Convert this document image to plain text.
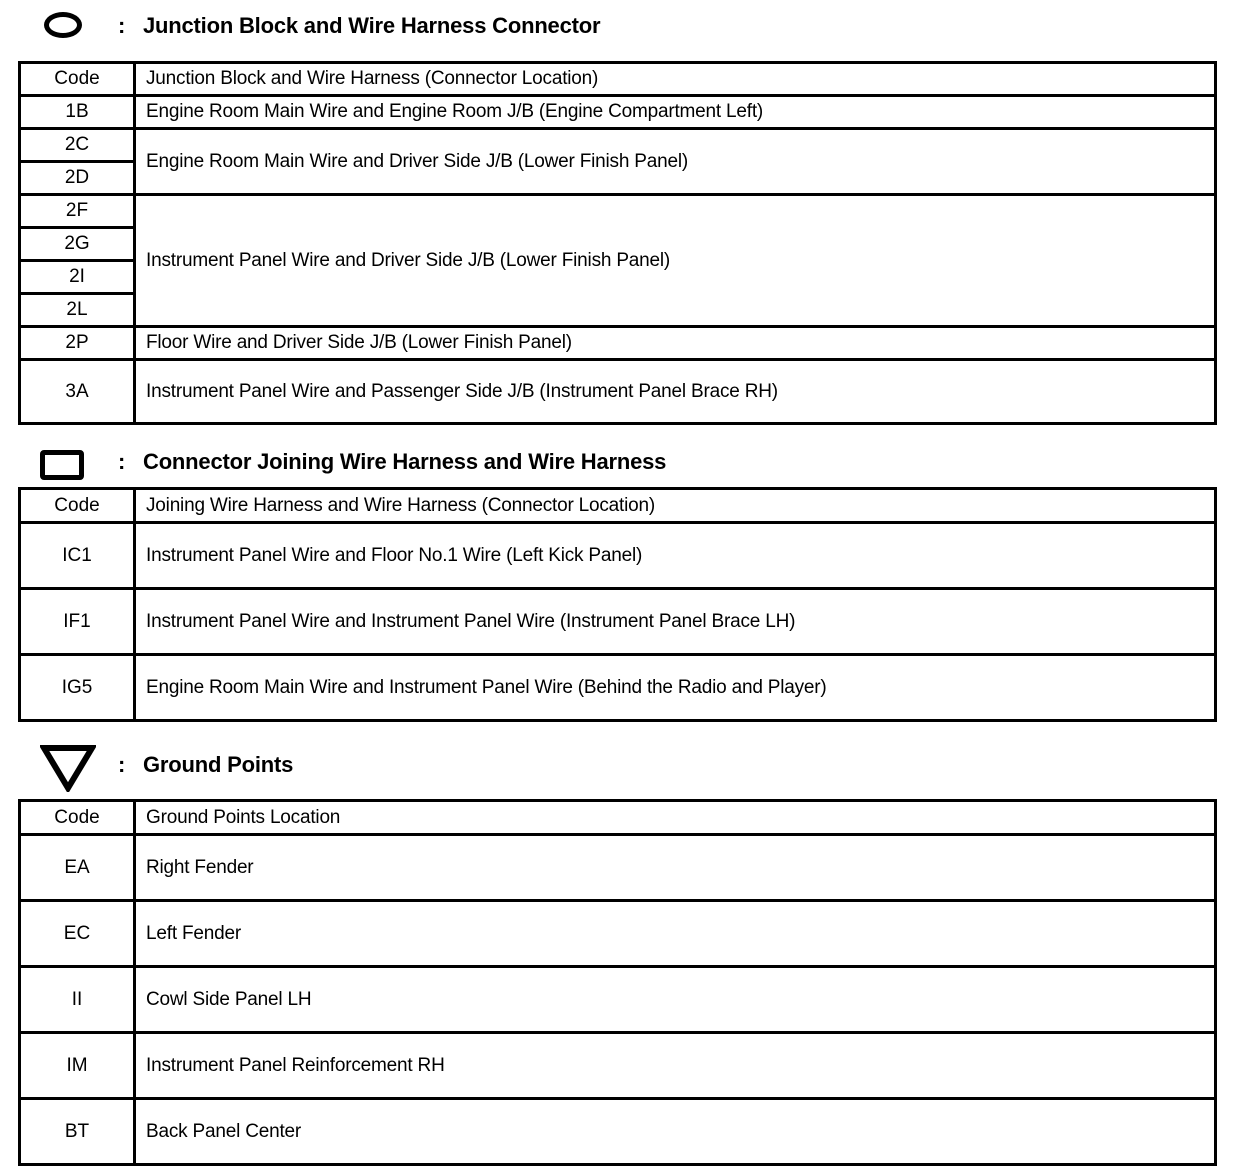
: Junction Block and Wire Harness Connector
Code	Junction Block and Wire Harness (Connector Location)
1B	Engine Room Main Wire and Engine Room J/B (Engine Compartment Left)
2C	Engine Room Main Wire and Driver Side J/B (Lower Finish Panel)
2D	
2F	Instrument Panel Wire and Driver Side J/B (Lower Finish Panel)
2G	
2I	
2L	
2P	Floor Wire and Driver Side J/B (Lower Finish Panel)
3A	Instrument Panel Wire and Passenger Side J/B (Instrument Panel Brace RH)
: Connector Joining Wire Harness and Wire Harness
Code	Joining Wire Harness and Wire Harness (Connector Location)
IC1	Instrument Panel Wire and Floor No.1 Wire (Left Kick Panel)
IF1	Instrument Panel Wire and Instrument Panel Wire (Instrument Panel Brace LH)
IG5	Engine Room Main Wire and Instrument Panel Wire (Behind the Radio and Player)
: Ground Points
Code	Ground Points Location
EA	Right Fender
EC	Left Fender
II	Cowl Side Panel LH
IM	Instrument Panel Reinforcement RH
BT	Back Panel Center
